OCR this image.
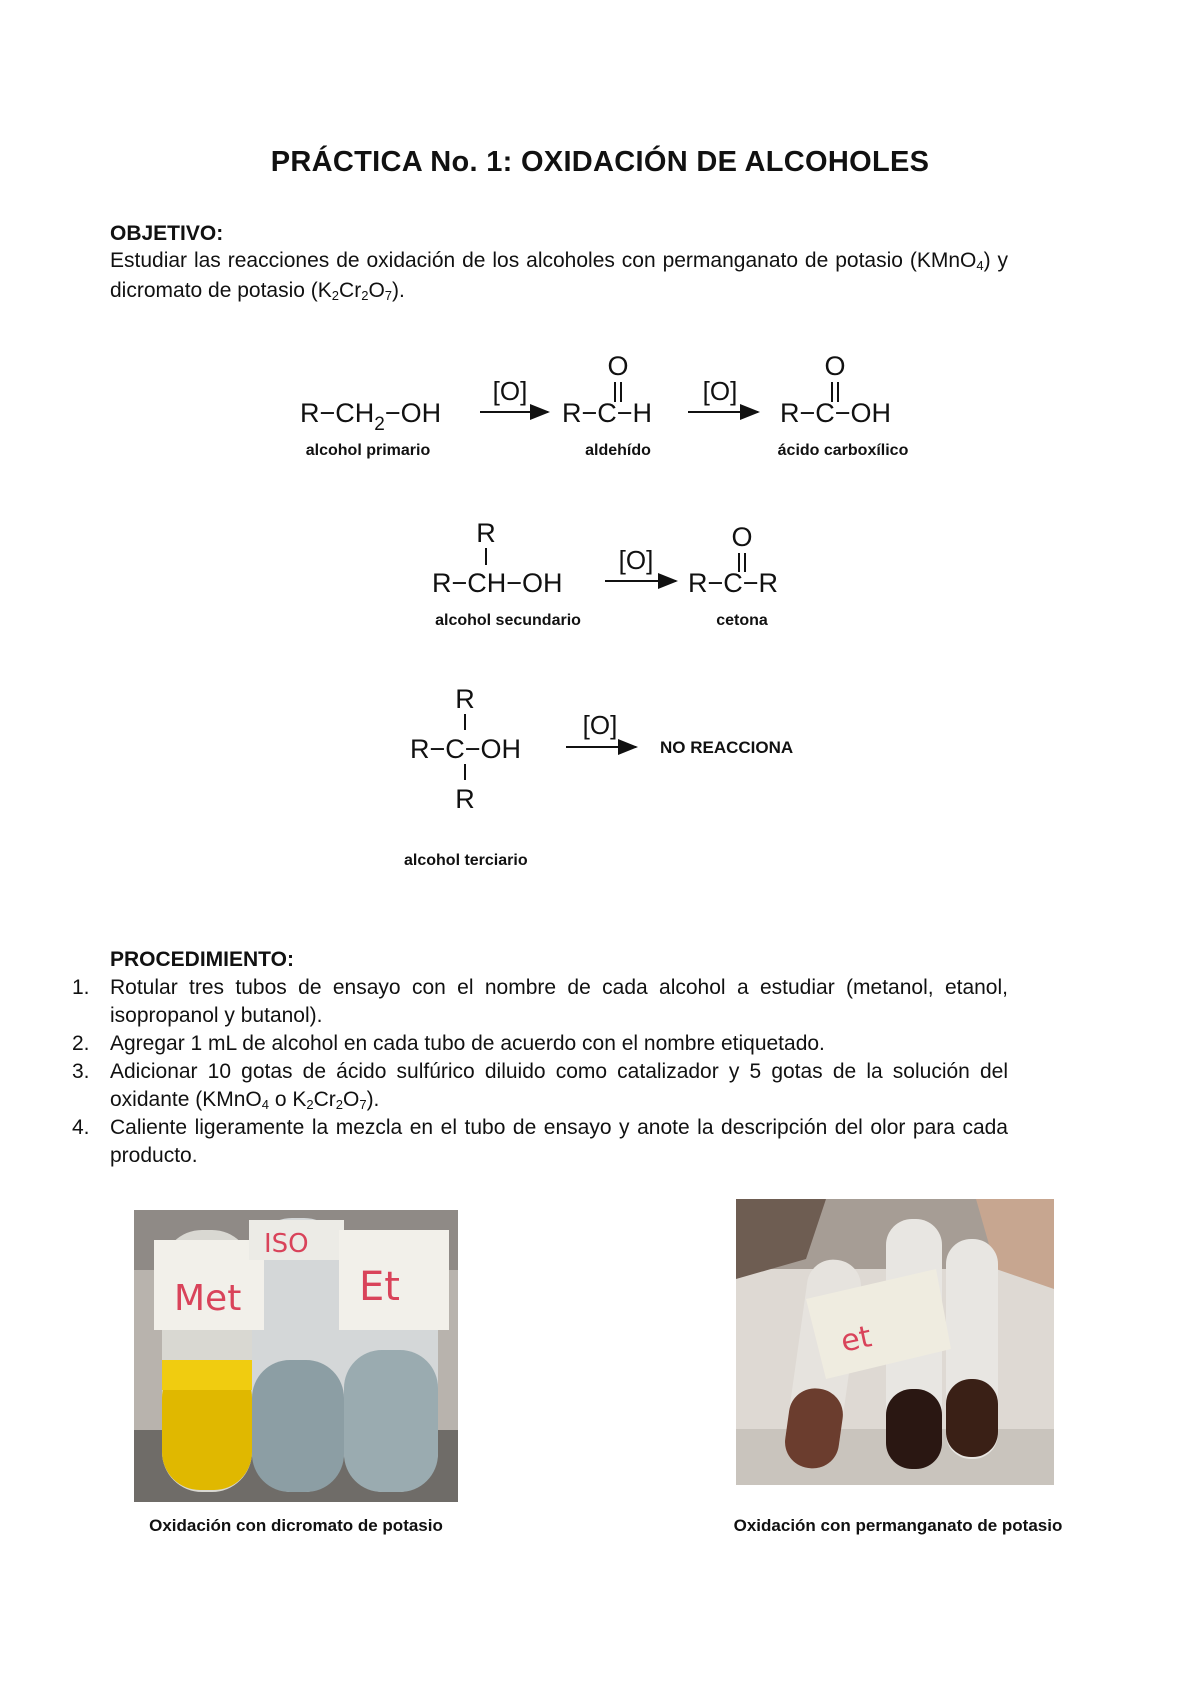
PRÁCTICA No. 1: OXIDACIÓN DE ALCOHOLES
OBJETIVO:
Estudiar las reacciones de oxidación de los alcoholes con permanganato de potasio (KMnO$_4$) y dicromato de potasio $(K_2Cr_2O_7)$.
$R-CH_2-OH$
alcohol primario
[O]
O
R−C−H
aldehído
[O]
O
R−C−OH
ácido carboxílico
R
R−CH−OH
alcohol secundario
[O]
O
R−C−R
cetona
R
R−C−OH
R
[O]
NO REACCIONA
alcohol terciario
PROCEDIMIENTO:
1. Rotular tres tubos de ensayo con el nombre de cada alcohol a estudiar (metanol, etanol, isopropanol y butanol).
2. Agregar 1 mL de alcohol en cada tubo de acuerdo con el nombre etiquetado.
3. Adicionar 10 gotas de ácido sulfúrico diluido como catalizador y 5 gotas de la solución del oxidante (KMnO$_4$ o $K_2Cr_2O_7$).
4. Caliente ligeramente la mezcla en el tubo de ensayo y anote la descripción del olor para cada producto.
Met
ISO
Et
Oxidación con dicromato de potasio
et
Oxidación con permanganato de potasio
